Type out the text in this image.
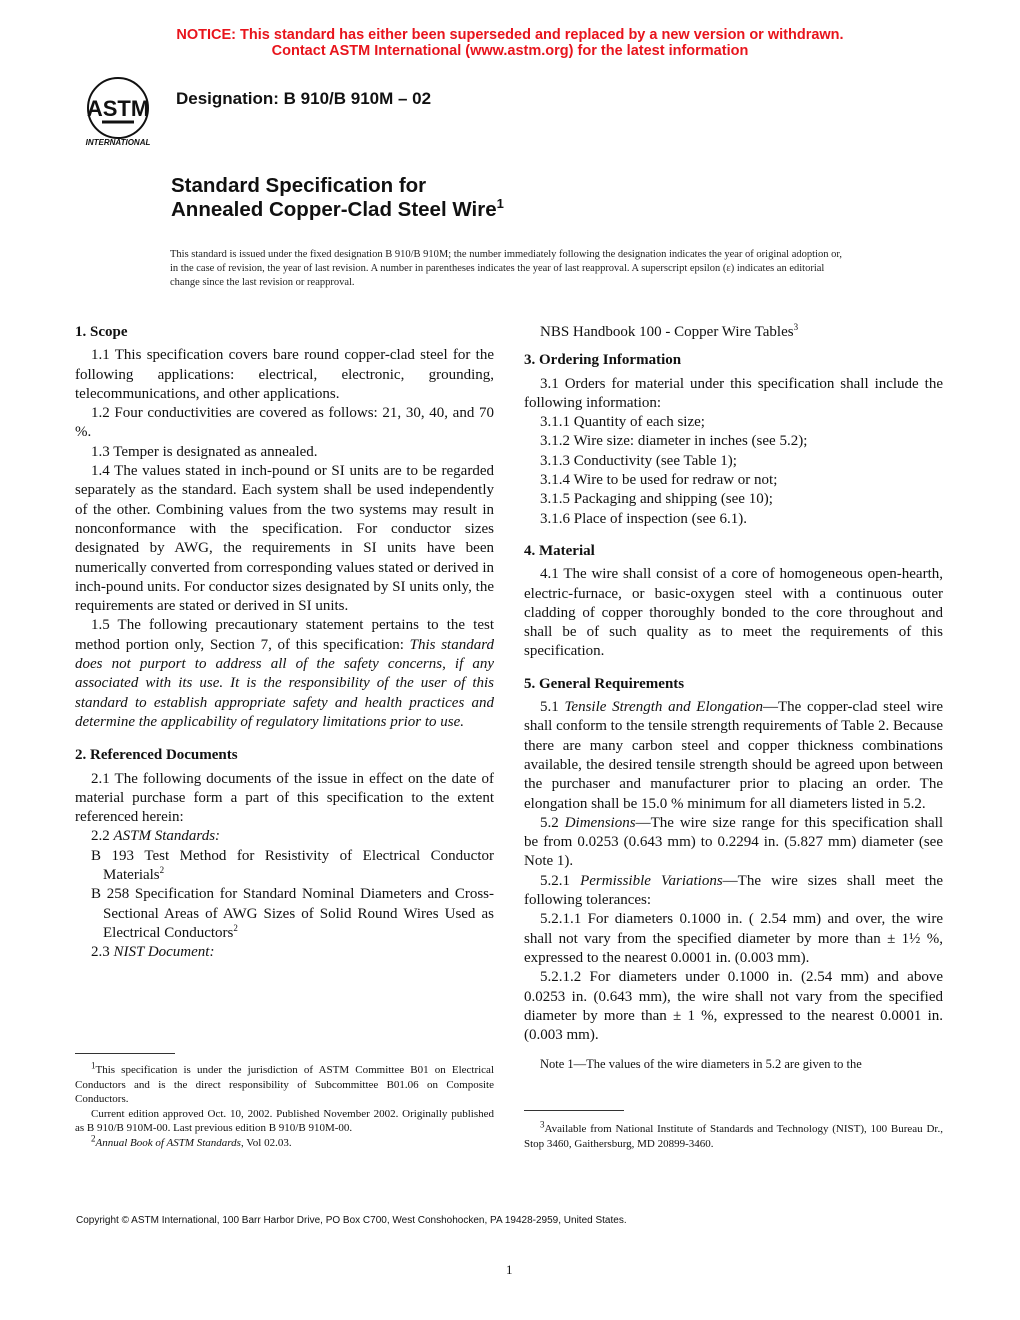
NOTICE: This standard has either been superseded and replaced by a new version or withdrawn.
Contact ASTM International (www.astm.org) for the latest information
ASTM
INTERNATIONAL
Designation: B 910/B 910M – 02
Standard Specification for
Annealed Copper-Clad Steel Wire$^1$
This standard is issued under the fixed designation B 910/B 910M; the number immediately following the designation indicates the year of original adoption or, in the case of revision, the year of last revision. A number in parentheses indicates the year of last reapproval. A superscript epsilon (ε) indicates an editorial change since the last revision or reapproval.
1. Scope

1.1 This specification covers bare round copper-clad steel for the following applications: electrical, electronic, grounding, telecommunications, and other applications.

1.2 Four conductivities are covered as follows: 21, 30, 40, and 70 %.

1.3 Temper is designated as annealed.

1.4 The values stated in inch-pound or SI units are to be regarded separately as the standard. Each system shall be used independently of the other. Combining values from the two systems may result in nonconformance with the specification. For conductor sizes designated by AWG, the requirements in SI units have been numerically converted from corresponding values stated or derived in inch-pound units. For conductor sizes designated by SI units only, the requirements are stated or derived in SI units.

1.5 The following precautionary statement pertains to the test method portion only, Section 7, of this specification: This standard does not purport to address all of the safety concerns, if any associated with its use. It is the responsibility of the user of this standard to establish appropriate safety and health practices and determine the applicability of regulatory limitations prior to use.

2. Referenced Documents

2.1 The following documents of the issue in effect on the date of material purchase form a part of this specification to the extent referenced herein:

2.2 ASTM Standards:

B 193 Test Method for Resistivity of Electrical Conductor Materials$^2$

B 258 Specification for Standard Nominal Diameters and Cross-Sectional Areas of AWG Sizes of Solid Round Wires Used as Electrical Conductors$^2$

2.3 NIST Document:

NBS Handbook 100 - Copper Wire Tables$^3$

3. Ordering Information

3.1 Orders for material under this specification shall include the following information:

3.1.1 Quantity of each size;

3.1.2 Wire size: diameter in inches (see 5.2);

3.1.3 Conductivity (see Table 1);

3.1.4 Wire to be used for redraw or not;

3.1.5 Packaging and shipping (see 10);

3.1.6 Place of inspection (see 6.1).

4. Material

4.1 The wire shall consist of a core of homogeneous open-hearth, electric-furnace, or basic-oxygen steel with a continuous outer cladding of copper thoroughly bonded to the core throughout and shall be of such quality as to meet the requirements of this specification.

5. General Requirements

5.1 Tensile Strength and Elongation—The copper-clad steel wire shall conform to the tensile strength requirements of Table 2. Because there are many carbon steel and copper thickness combinations available, the desired tensile strength should be agreed upon between the purchaser and manufacturer prior to placing an order. The elongation shall be 15.0 % minimum for all diameters listed in 5.2.

5.2 Dimensions—The wire size range for this specification shall be from 0.0253 (0.643 mm) to 0.2294 in. (5.827 mm) diameter (see Note 1).

5.2.1 Permissible Variations—The wire sizes shall meet the following tolerances:

5.2.1.1 For diameters 0.1000 in. ( 2.54 mm) and over, the wire shall not vary from the specified diameter by more than ± 1½ %, expressed to the nearest 0.0001 in. (0.003 mm).

5.2.1.2 For diameters under 0.1000 in. (2.54 mm) and above 0.0253 in. (0.643 mm), the wire shall not vary from the specified diameter by more than ± 1 %, expressed to the nearest 0.0001 in. (0.003 mm).

Note 1—The values of the wire diameters in 5.2 are given to the

$^1$This specification is under the jurisdiction of ASTM Committee B01 on Electrical Conductors and is the direct responsibility of Subcommittee B01.06 on Composite Conductors.

Current edition approved Oct. 10, 2002. Published November 2002. Originally published as B 910/B 910M-00. Last previous edition B 910/B 910M-00.

$^2$Annual Book of ASTM Standards, Vol 02.03.

$^3$Available from National Institute of Standards and Technology (NIST), 100 Bureau Dr., Stop 3460, Gaithersburg, MD 20899-3460.

Copyright © ASTM International, 100 Barr Harbor Drive, PO Box C700, West Conshohocken, PA 19428-2959, United States.
1
